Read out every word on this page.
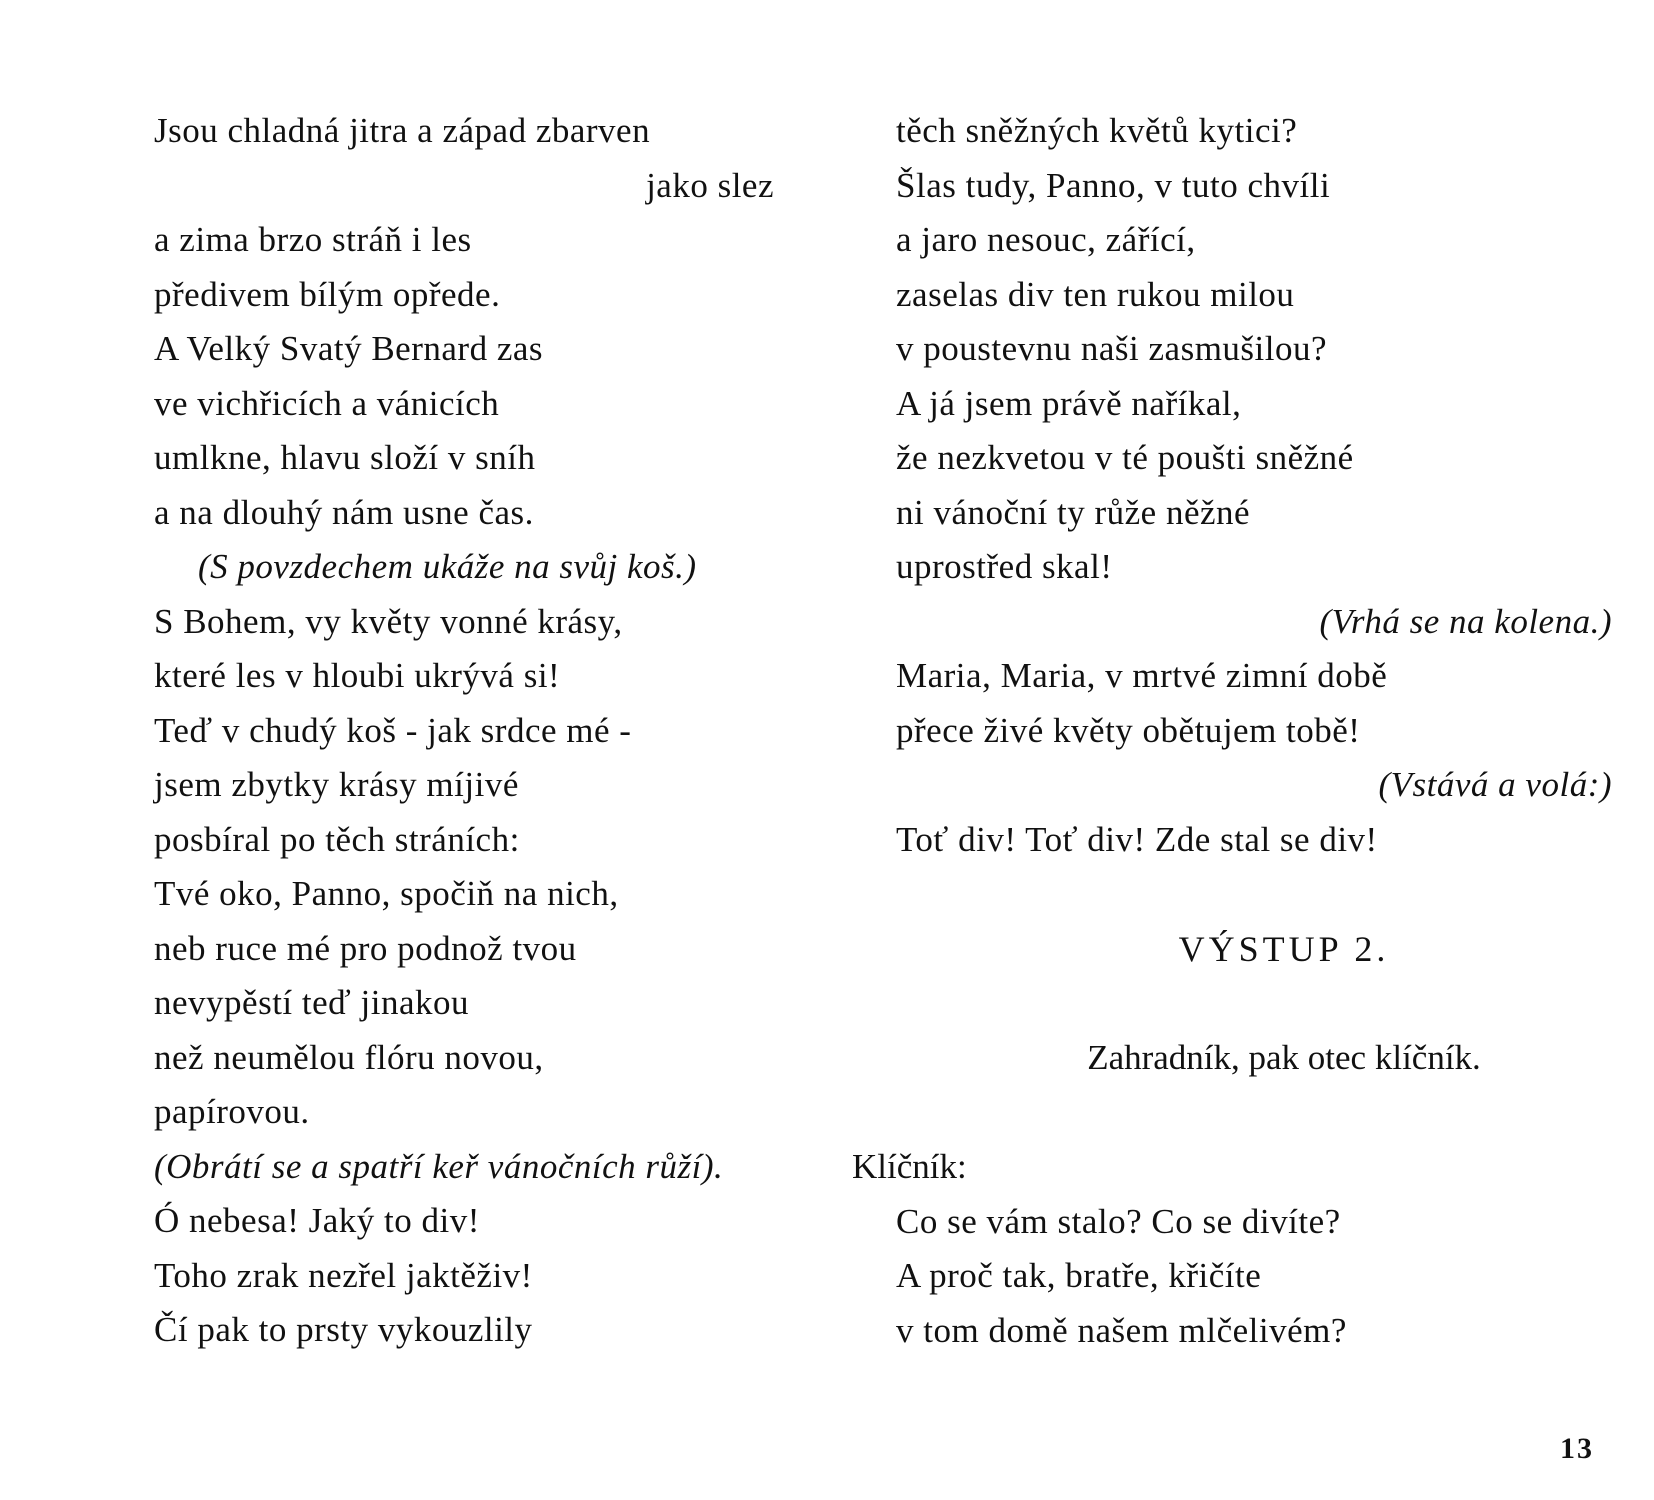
Jsou chladná jitra a západ zbarven
jako slez
a zima brzo stráň i les
předivem bílým opřede.
A Velký Svatý Bernard zas
ve vichřicích a vánicích
umlkne, hlavu složí v sníh
a na dlouhý nám usne čas.
(S povzdechem ukáže na svůj koš.)
S Bohem, vy květy vonné krásy,
které les v hloubi ukrývá si!
Teď v chudý koš - jak srdce mé -
jsem zbytky krásy míjivé
posbíral po těch stráních:
Tvé oko, Panno, spočiň na nich,
neb ruce mé pro podnož tvou
nevypěstí teď jinakou
než neumělou flóru novou,
papírovou.
(Obrátí se a spatří keř vánočních růží).
Ó nebesa! Jaký to div!
Toho zrak nezřel jaktěživ!
Čí pak to prsty vykouzlily
těch sněžných květů kytici?
Šlas tudy, Panno, v tuto chvíli
a jaro nesouc, zářící,
zaselas div ten rukou milou
v poustevnu naši zasmušilou?
A já jsem právě naříkal,
že nezkvetou v té poušti sněžné
ni vánoční ty růže něžné
uprostřed skal!
(Vrhá se na kolena.)
Maria, Maria, v mrtvé zimní době
přece živé květy obětujem tobě!
(Vstává a volá:)
Toť div! Toť div! Zde stal se div!
VÝSTUP 2.
Zahradník, pak otec klíčník.
Klíčník:
Co se vám stalo? Co se divíte?
A proč tak, bratře, křičíte
v tom domě našem mlčelivém?
13
